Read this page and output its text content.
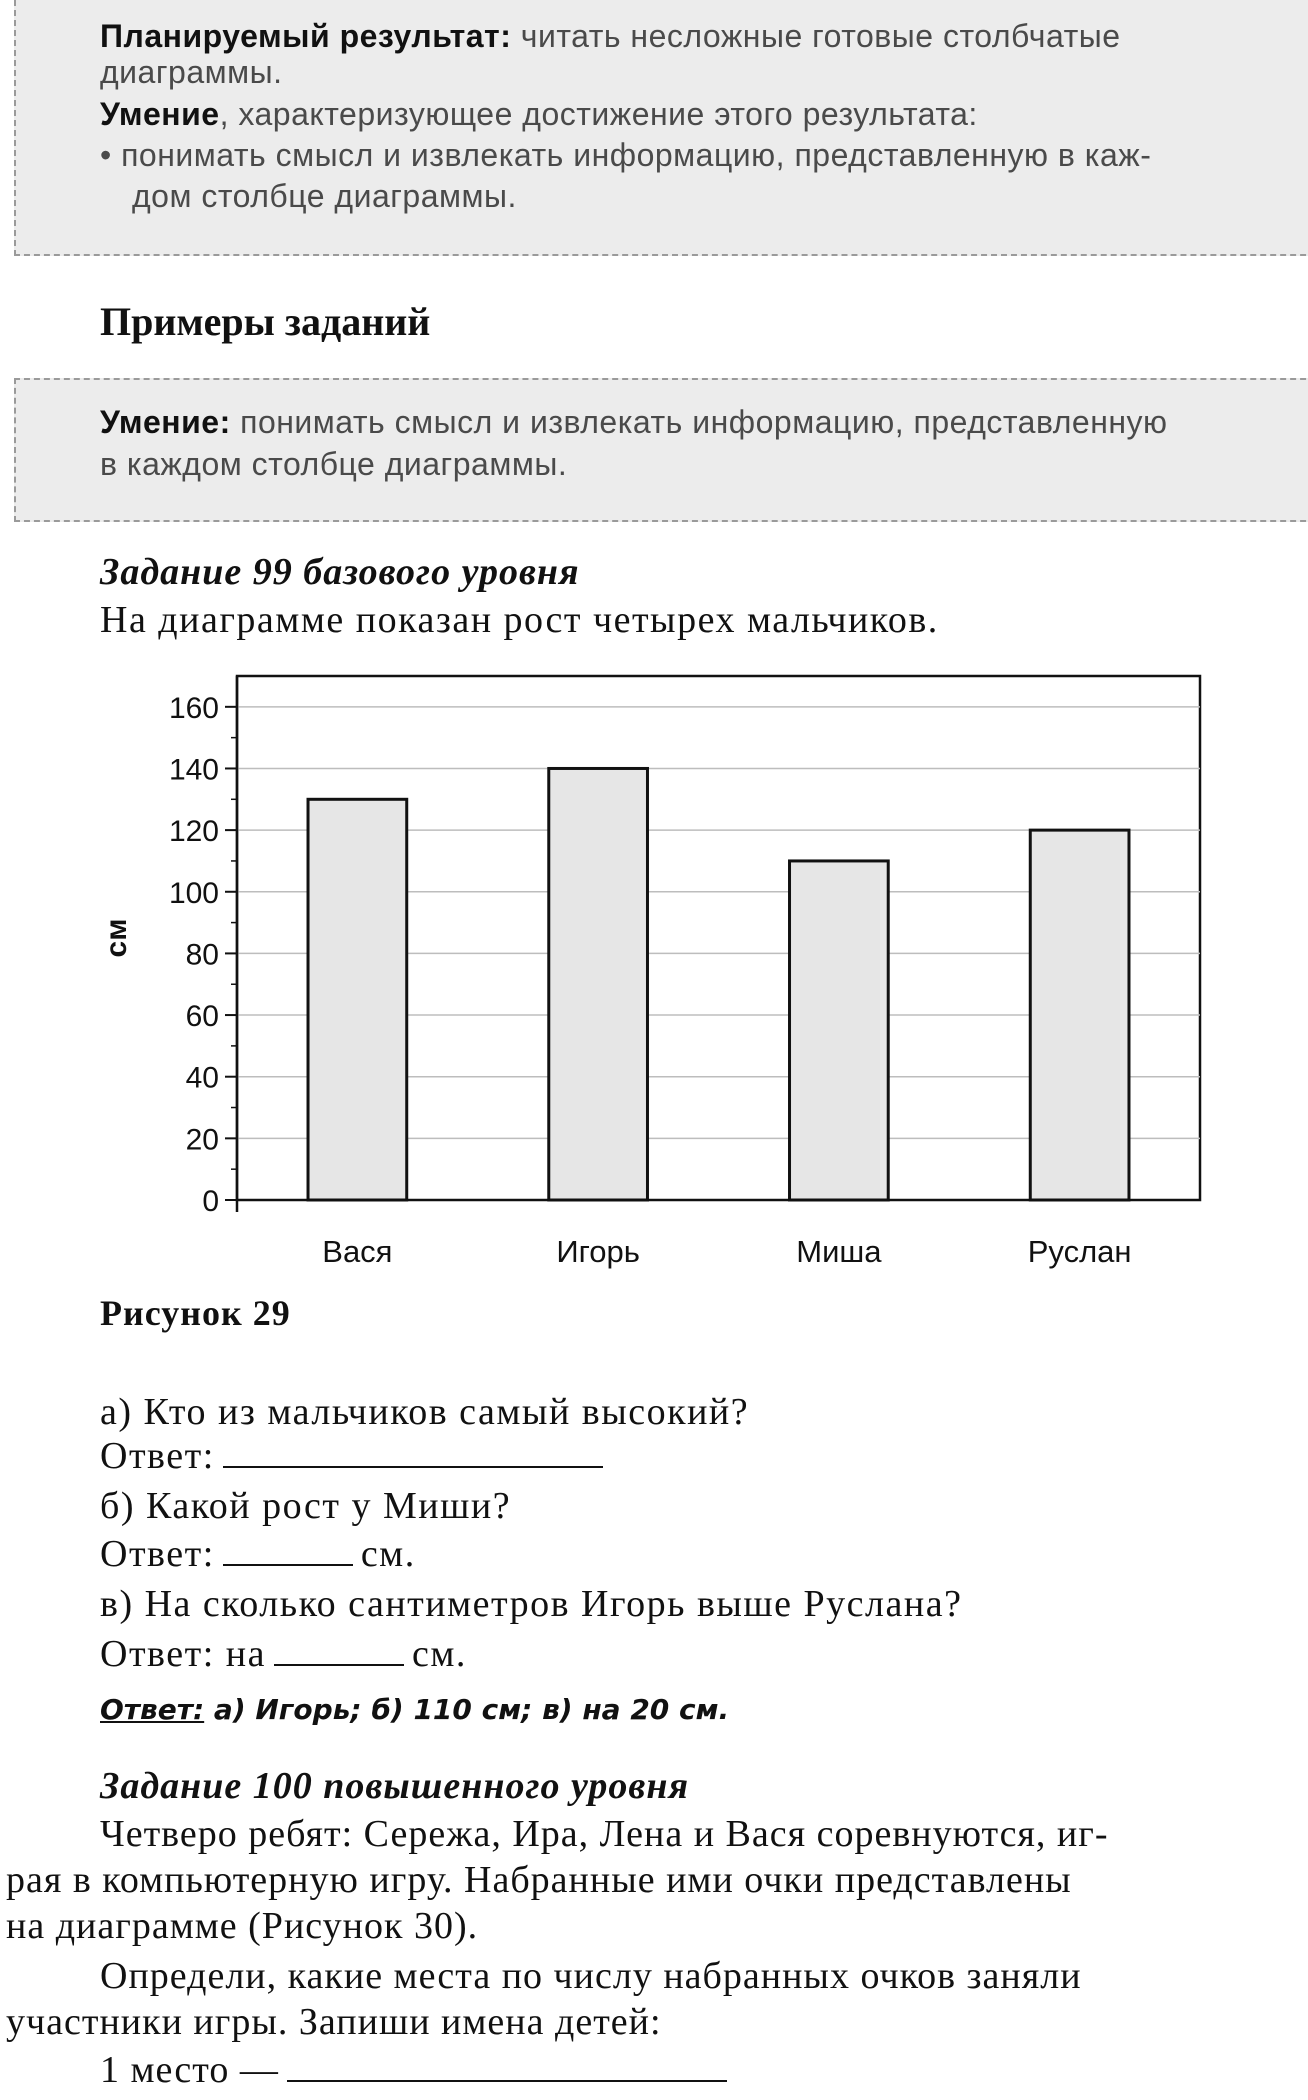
Планируемый результат: читать несложные готовые столбчатые
диаграммы.
Умение, характеризующее достижение этого результата:
• понимать смысл и извлекать информацию, представленную в каж-
дом столбце диаграммы.
Примеры заданий
Умение: понимать смысл и извлекать информацию, представленную
в каждом столбце диаграммы.
Задание 99 базового уровня
На диаграмме показан рост четырех мальчиков.
0
20
40
60
80
100
120
140
160
см
Вася	Игорь	Миша	Руслан
Рисунок 29
а) Кто из мальчиков самый высокий?
Ответ:
б) Какой рост у Миши?
Ответ:	см.
в) На сколько сантиметров Игорь выше Руслана?
Ответ: на	см.
Ответ: а) Игорь; б) 110 см; в) на 20 см.
Задание 100 повышенного уровня
Четверо ребят: Сережа, Ира, Лена и Вася соревнуются, иг-
рая в компьютерную игру. Набранные ими очки представлены
на диаграмме (Рисунок 30).
Определи, какие места по числу набранных очков заняли
участники игры. Запиши имена детей:
1 место —
